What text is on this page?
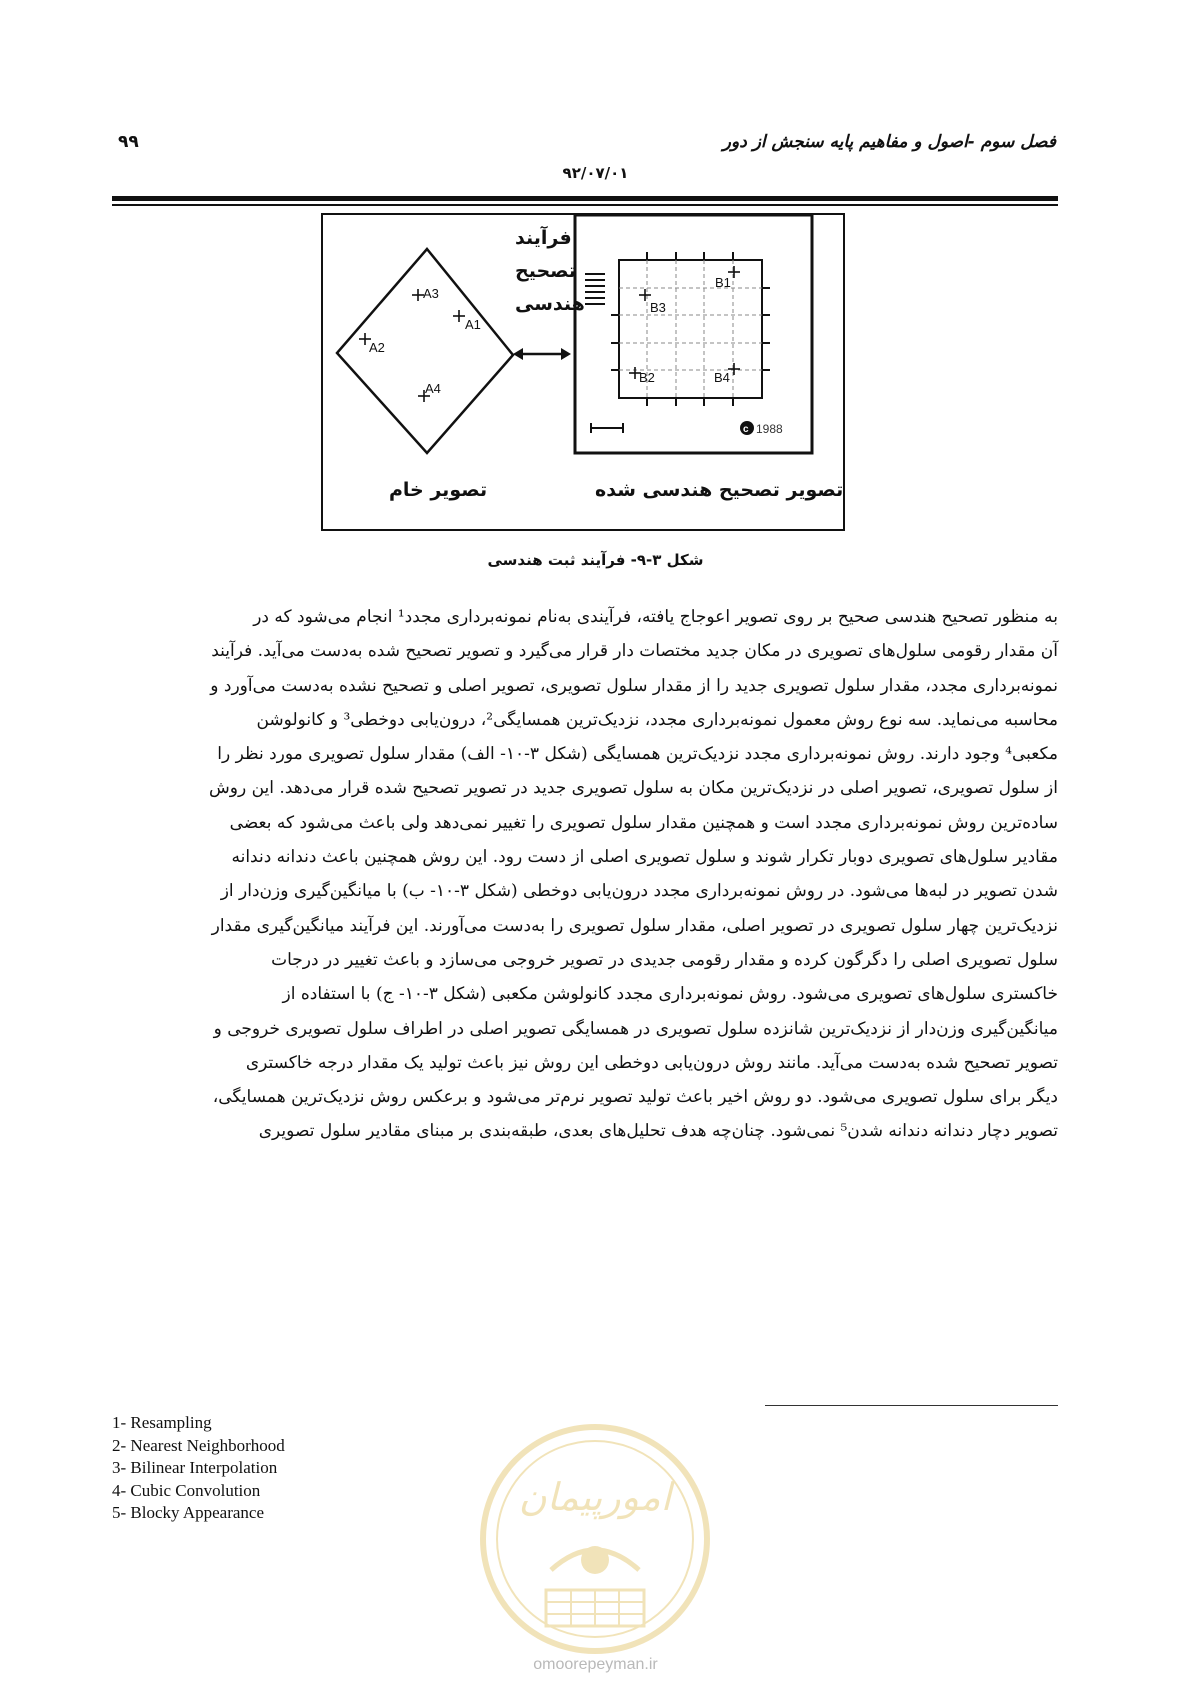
فصل سوم -اصول و مفاهیم پایه سنجش از دور
۹۹
۹۲/۰۷/۰۱
A3
A1
A2
A4
B1
B3
B2	B4
c 1988
فرآیند
تصحیح
هندسی
تصویر خام	تصویر تصحیح هندسی شده
شکل ۳-۹- فرآیند ثبت هندسی
به منظور تصحیح هندسی صحیح بر روی تصویر اعوجاج یافته، فرآیندی به‌نام نمونه‌برداری مجدد¹ انجام می‌شود که در
آن مقدار رقومی سلول‌های تصویری در مکان جدید مختصات دار قرار می‌گیرد و تصویر تصحیح شده به‌دست می‌آید. فرآیند
نمونه‌برداری مجدد، مقدار سلول تصویری جدید را از مقدار سلول تصویری، تصویر اصلی و تصحیح نشده به‌دست می‌آورد و
محاسبه می‌نماید. سه نوع روش معمول نمونه‌برداری مجدد، نزدیک‌ترین همسایگی²، درون‌یابی دوخطی³ و کانولوشن
مکعبی⁴ وجود دارند. روش نمونه‌برداری مجدد نزدیک‌ترین همسایگی (شکل ۳-۱۰- الف) مقدار سلول تصویری مورد نظر را
از سلول تصویری، تصویر اصلی در نزدیک‌ترین مکان به سلول تصویری جدید در تصویر تصحیح شده قرار می‌دهد. این روش
ساده‌ترین روش نمونه‌برداری مجدد است و همچنین مقدار سلول تصویری را تغییر نمی‌دهد ولی باعث می‌شود که بعضی
مقادیر سلول‌های تصویری دوبار تکرار شوند و سلول تصویری اصلی از دست رود. این روش همچنین باعث دندانه دندانه
شدن تصویر در لبه‌ها می‌شود. در روش نمونه‌برداری مجدد درون‌یابی دوخطی (شکل ۳-۱۰- ب) با میانگین‌گیری وزن‌دار از
نزدیک‌ترین چهار سلول تصویری در تصویر اصلی، مقدار سلول تصویری را به‌دست می‌آورند. این فرآیند میانگین‌گیری مقدار
سلول تصویری اصلی را دگرگون کرده و مقدار رقومی جدیدی در تصویر خروجی می‌سازد و باعث تغییر در درجات
خاکستری سلول‌های تصویری می‌شود. روش نمونه‌برداری مجدد کانولوشن مکعبی (شکل ۳-۱۰- ج) با استفاده از
میانگین‌گیری وزن‌دار از نزدیک‌ترین شانزده سلول تصویری در همسایگی تصویر اصلی در اطراف سلول تصویری خروجی و
تصویر تصحیح شده به‌دست می‌آید. مانند روش درون‌یابی دوخطی این روش نیز باعث تولید یک مقدار درجه خاکستری
دیگر برای سلول تصویری می‌شود. دو روش اخیر باعث تولید تصویر نرم‌تر می‌شود و برعکس روش نزدیک‌ترین همسایگی،
تصویر دچار دندانه دندانه شدن⁵ نمی‌شود. چنان‌چه هدف تحلیل‌های بعدی، طبقه‌بندی بر مبنای مقادیر سلول تصویری
1- Resampling
2- Nearest Neighborhood
3- Bilinear Interpolation
4- Cubic Convolution
5- Blocky Appearance	امورپیمان
omoorepeyman.ir
